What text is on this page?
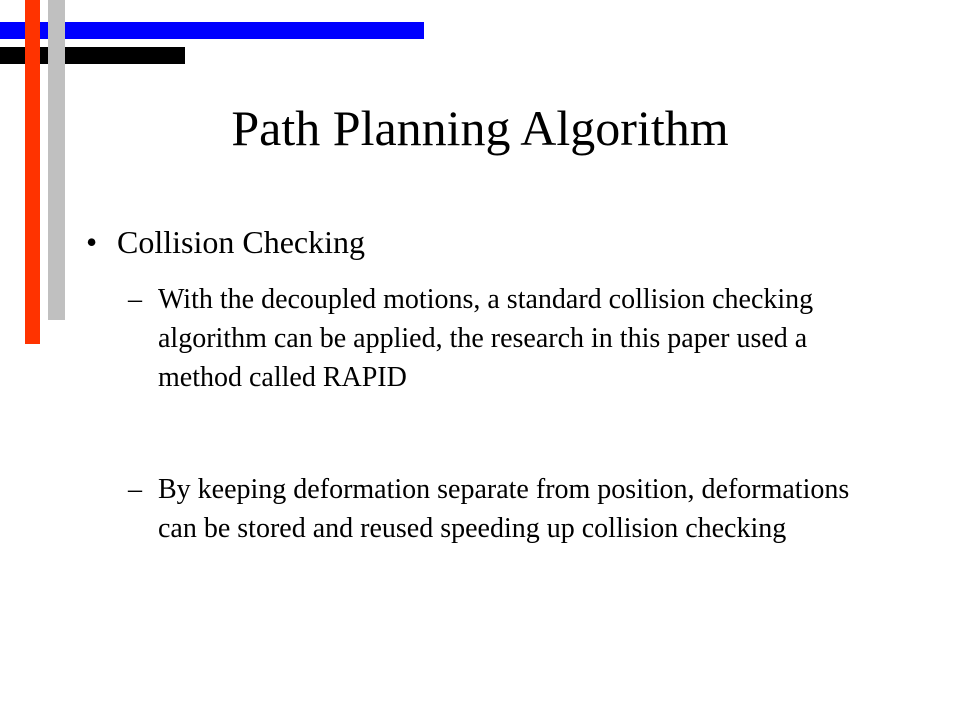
Path Planning Algorithm
• Collision Checking
– With the decoupled motions, a standard collision checking algorithm can be applied, the research in this paper used a method called RAPID
– By keeping deformation separate from position, deformations can be stored and reused speeding up collision checking
